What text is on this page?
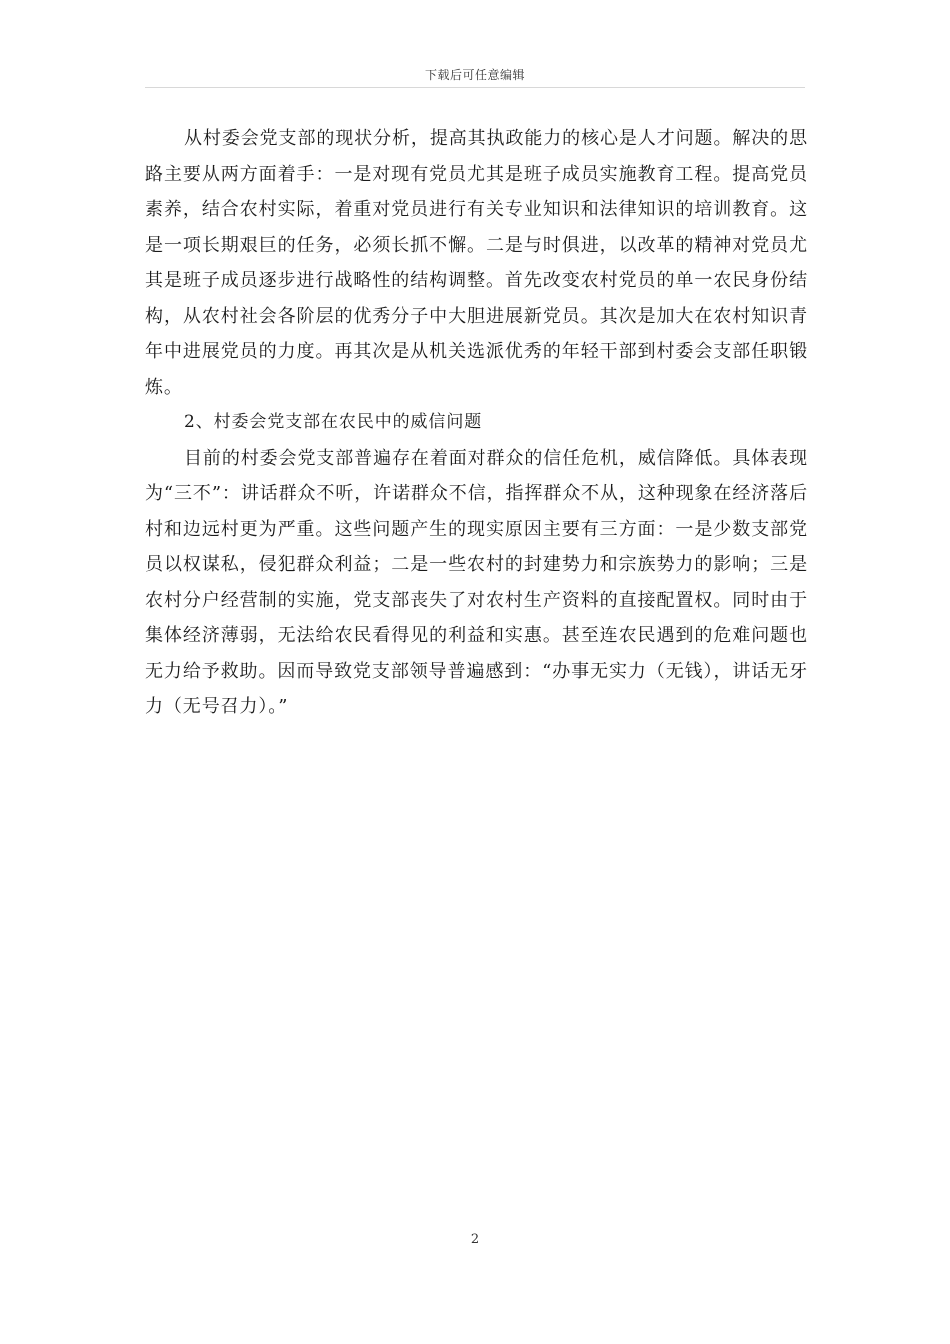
下载后可任意编辑

从村委会党支部的现状分析，提高其执政能力的核心是人才问题。解决的思路主要从两方面着手：一是对现有党员尤其是班子成员实施教育工程。提高党员素养，结合农村实际，着重对党员进行有关专业知识和法律知识的培训教育。这是一项长期艰巨的任务，必须长抓不懈。二是与时俱进，以改革的精神对党员尤其是班子成员逐步进行战略性的结构调整。首先改变农村党员的单一农民身份结构，从农村社会各阶层的优秀分子中大胆进展新党员。其次是加大在农村知识青年中进展党员的力度。再其次是从机关选派优秀的年轻干部到村委会支部任职锻炼。

2、村委会党支部在农民中的威信问题

目前的村委会党支部普遍存在着面对群众的信任危机，威信降低。具体表现为“三不”：讲话群众不听，许诺群众不信，指挥群众不从，这种现象在经济落后村和边远村更为严重。这些问题产生的现实原因主要有三方面：一是少数支部党员以权谋私，侵犯群众利益；二是一些农村的封建势力和宗族势力的影响；三是农村分户经营制的实施，党支部丧失了对农村生产资料的直接配置权。同时由于集体经济薄弱，无法给农民看得见的利益和实惠。甚至连农民遇到的危难问题也无力给予救助。因而导致党支部领导普遍感到：“办事无实力（无钱），讲话无牙力（无号召力）。”

2
